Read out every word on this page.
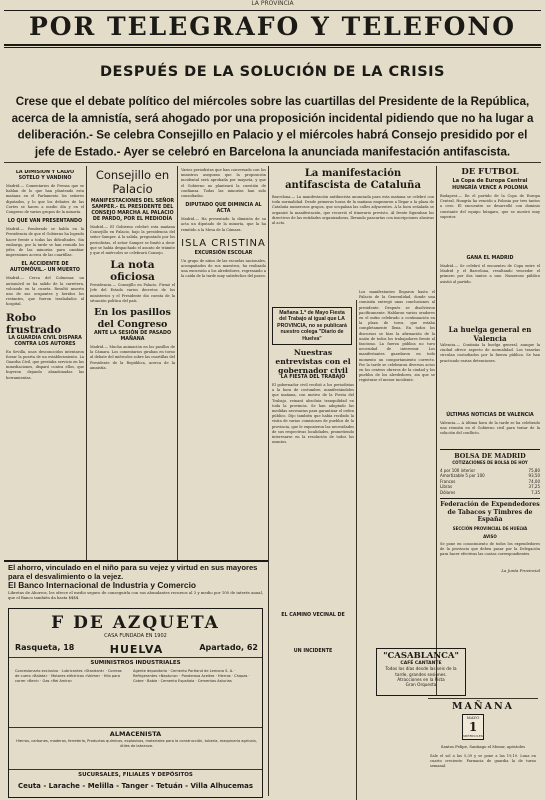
LA PROVINCIA
POR TELEGRAFO Y TELEFONO
DESPUÉS DE LA SOLUCIÓN DE LA CRISIS
Crese que el debate político del miércoles sobre las cuartillas del Presidente de la República, acerca de la amnistía, será ahogado por una proposición incidental pidiendo que no ha lugar a deliberación.- Se celebra Consejillo en Palacio y el miércoles habrá Consejo presidido por el jefe de Estado.- Ayer se celebró en Barcelona la anunciada manifestación antifascista.
LA DIMISIÓN Y CALVO SOTELO Y VANDINO
Madrid.— Comentarios de Prensa que se hablan de lo que han planteado esta mañana en el Parlamento los señores diputados, y lo que los debates de las Cortes se hacen a medio día y en el Congreso de varios grupos de la minoría.
LO QUE VAN PRESENTANDO
Madrid.— Ponderado se habla en la Presidencia de que el Gobierno ha logrado hacer frente a todas las dificultades. Sin embargo, por la tarde se han reunido los jefes de las minorías para cambiar impresiones acerca de las cuartillas.
EL ACCIDENTE DE AUTOMÓVIL.- UN MUERTO
Madrid.— Cerca del Colmenar, un automóvil se ha salido de la carretera, volcando en la cuneta. Resultó muerto uno de sus ocupantes y heridos los restantes, que fueron trasladados al hospital.
Robo frustrado
LA GUARDIA CIVIL DISPARA CONTRA LOS AUTORES
En Sevilla, unos desconocidos intentaron forzar la puerta de un establecimiento. La Guardia Civil, que prestaba servicio en las inmediaciones, disparó contra ellos, que huyeron dejando abandonadas las herramientas.
Consejillo en Palacio
MANIFESTACIONES DEL SEÑOR SAMPER.- EL PRESIDENTE DEL CONSEJO MARCHA AL PALACIO DE PARDO, POR EL MEDIODÍA
Madrid.— El Gobierno celebró esta mañana Consejillo en Palacio, bajo la presidencia del señor Samper. A la salida, preguntado por los periodistas, el señor Samper se limitó a decir que se había despachado el asunto de trámite y que el miércoles se celebrará Consejo.
La nota oficiosa
Presidencia.— Consejillo en Palacio. Firmó el Jefe del Estado varios decretos de los ministerios y el Presidente dio cuenta de la situación política del país.
En los pasillos del Congreso
ANTE LA SESIÓN DE PASADO MAÑANA
Madrid.— Mucha animación en los pasillos de la Cámara. Los comentarios giraban en torno al debate del miércoles sobre las cuartillas del Presidente de la República, acerca de la amnistía.
Varios periodistas que han conversado con los ministros aseguran que la proposición incidental será aprobada por mayoría, y que el Gobierno no planteará la cuestión de confianza. Todas las minorías han sido consultadas.
DIPUTADO QUE DIMINCIA AL ACTA
Madrid.— Ha presentado la dimisión de su acta un diputado de la minoría, que la ha remitido a la Mesa de la Cámara.
ISLA CRISTINA
EXCURSIÓN ESCOLAR
Un grupo de niños de las escuelas nacionales, acompañados de sus maestros, ha realizado una excursión a los alrededores, regresando a la caída de la tarde muy satisfechos del paseo.
La manifestación antifascista de Cataluña
Barcelona.— La manifestación antifascista anunciada para esta mañana se celebró con toda normalidad. Desde primeras horas de la mañana empezaron a llegar a la plaza de Cataluña numerosos grupos, que ocupaban las calles adyacentes. A la hora señalada se organizó la manifestación, que recorrió el itinerario previsto. Al frente figuraban los directivos de las entidades organizadoras, llevando pancartas con inscripciones alusivas al acto.
Mañana 1.º de Mayo Fiesta del Trabajo al igual que LA PROVINCIA, no se publicará nuestro colega "Diario de Huelva"
Nuestras entrevistas con el gobernador civil
LA FIESTA DEL TRABAJO
El gobernador civil recibió a los periodistas a la hora de costumbre, manifestándoles que mañana, con motivo de la Fiesta del Trabajo, reinará absoluta tranquilidad en toda la provincia. Se han adoptado las medidas necesarias para garantizar el orden público. Dijo también que había recibido la visita de varias comisiones de pueblos de la provincia, que le expusieron las necesidades de sus respectivas localidades, prometiendo interesarse en la resolución de todos los asuntos.
EL CAMINO VECINAL DE
UN INCIDENTE
Los manifestantes llegaron hasta el Palacio de la Generalidad, donde una comisión entregó unas conclusiones al presidente. Después se disolvieron pacíficamente. Hablaron varios oradores en el mitin celebrado a continuación en la plaza de toros, que estaba completamente llena. En todos los discursos se hizo la afirmación de la unión de todos los trabajadores frente al fascismo. La fuerza pública no tuvo necesidad de intervenir. Los manifestantes guardaron en todo momento un comportamiento correcto. Por la tarde se celebraron diversos actos en los centros obreros de la ciudad y los pueblos de los alrededores, sin que se registrase el menor incidente.
"CASABLANCA"
CAFÉ CANTANTE
Todos los días desde las seis de la tarde, grandes sesiones.
Atracciones en la Pista
Gran Orquesta
DE FUTBOL
La Copa de Europa Central
HUNGRÍA VENCE A POLONIA
Budapest.— En el partido de la Copa de Europa Central, Hungría ha vencido a Polonia por tres tantos a cero. El encuentro se desarrolló con dominio constante del equipo húngaro, que se mostró muy superior.
GANA EL MADRID
Madrid.— Se celebró el encuentro de Copa entre el Madrid y el Barcelona, resultando vencedor el primero por dos tantos a uno. Numeroso público asistió al partido.
La huelga general en Valencia
Valencia.— Continúa la huelga general, aunque la ciudad ofrece aspecto de normalidad. Los tranvías circulan custodiados por la fuerza pública. Se han practicado varias detenciones.
ÚLTIMAS NOTICIAS DE VALENCIA
Valencia.— A última hora de la tarde se ha celebrado una reunión en el Gobierno civil para tratar de la solución del conflicto.
BOLSA DE MADRID
COTIZACIONES DE BOLSA DE HOY
4 por 100 interior	75,80
Amortizable 5 por 100	93,50
Francos	74,00
Libras	37,25
Dólares	7,35
Federación de Expendedores de Tabacos y Timbres de España
SECCIÓN PROVINCIAL DE HUELVA
AVISO
Se pone en conocimiento de todos los expendedores de la provincia que deben pasar por la Delegación para hacer efectivas las cuotas correspondientes.
La Junta Provincial
MAÑANA
MAYO
1
MIÉRCOLES
Santos Felipe, Santiago el Menor, apóstoles
Sale el sol a las 5,39 y se pone a las 19,10. Luna en cuarto creciente. Farmacia de guardia la de turno semanal.
El ahorro, vinculado en el niño para su vejez y virtud en sus mayores para el desvalimiento o la vejez.
El Banco Internacional de Industria y Comercio
Libretas de Ahorros, les ofrece el medio seguro de conseguirla con sus abundantes recursos al 3 y medio por 100 de interés anual, que el Banco también da hasta $$$$.
F DE AZQUETA
CASA FUNDADA EN 1902
Rasqueta, 18	HUELVA	Apartado, 62
SUMINISTROS INDUSTRIALES
Concesionario exclusivo · Lubricantes «Standard» · Correas de cuero «Balata» · Motores eléctricos «Volme» · Hilo para correr «Beni» · Gas «Rei Amiro»
Agente depositario · Cemento Portland de Lemona S. A. · Refrigerantes «Neptuno» · Ponderosa Aceites · Hierros · Chapas · Cobre · Babia · Cemento Española · Cementos Asturias
ALMACENISTA
Hierros, carbones, maderas, ferretería, Productos químicos, explosivos, materiales para la construcción, tubería, maquinaria agrícola, útiles de labranza.
SUCURSALES, FILIALES Y DEPÓSITOS
Ceuta - Larache - Melilla - Tanger - Tetuán - Villa Alhucemas
